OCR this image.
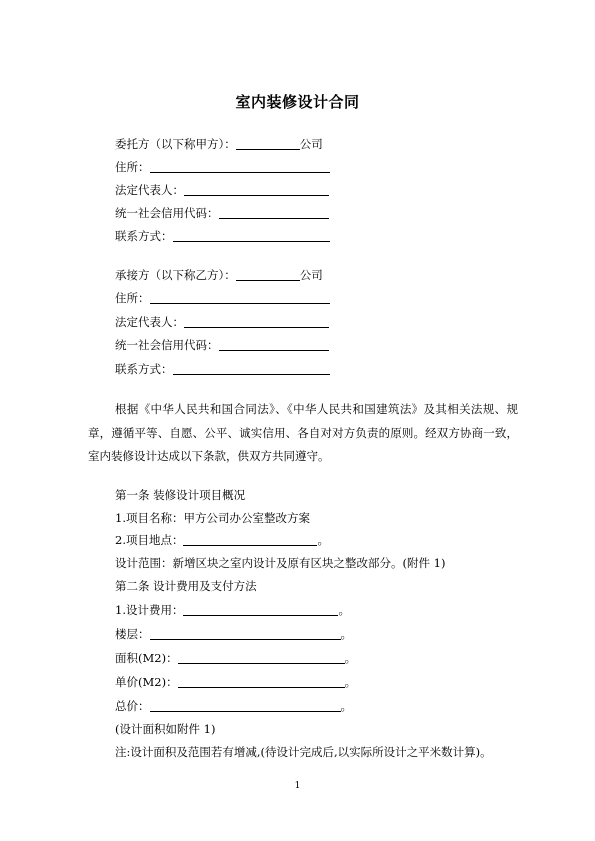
室内装修设计合同
委托方（以下称甲方）：	公司
住所：
法定代表人：
统一社会信用代码：
联系方式：
承接方（以下称乙方）：	公司
住所：
法定代表人：
统一社会信用代码：
联系方式：
根据《中华人民共和国合同法》、《中华人民共和国建筑法》及其相关法规、规章，遵循平等、自愿、公平、诚实信用、各自对对方负责的原则。经双方协商一致，室内装修设计达成以下条款，供双方共同遵守。
第一条 装修设计项目概况
1.项目名称：甲方公司办公室整改方案
2.项目地点：	。
设计范围：新增区块之室内设计及原有区块之整改部分。(附件 1)
第二条 设计费用及支付方法
1.设计费用：	。
楼层：	。
面积(M2)：	。
单价(M2)：	。
总价：	。
(设计面积如附件 1)
注:设计面积及范围若有增减,(待设计完成后,以实际所设计之平米数计算)。
1
